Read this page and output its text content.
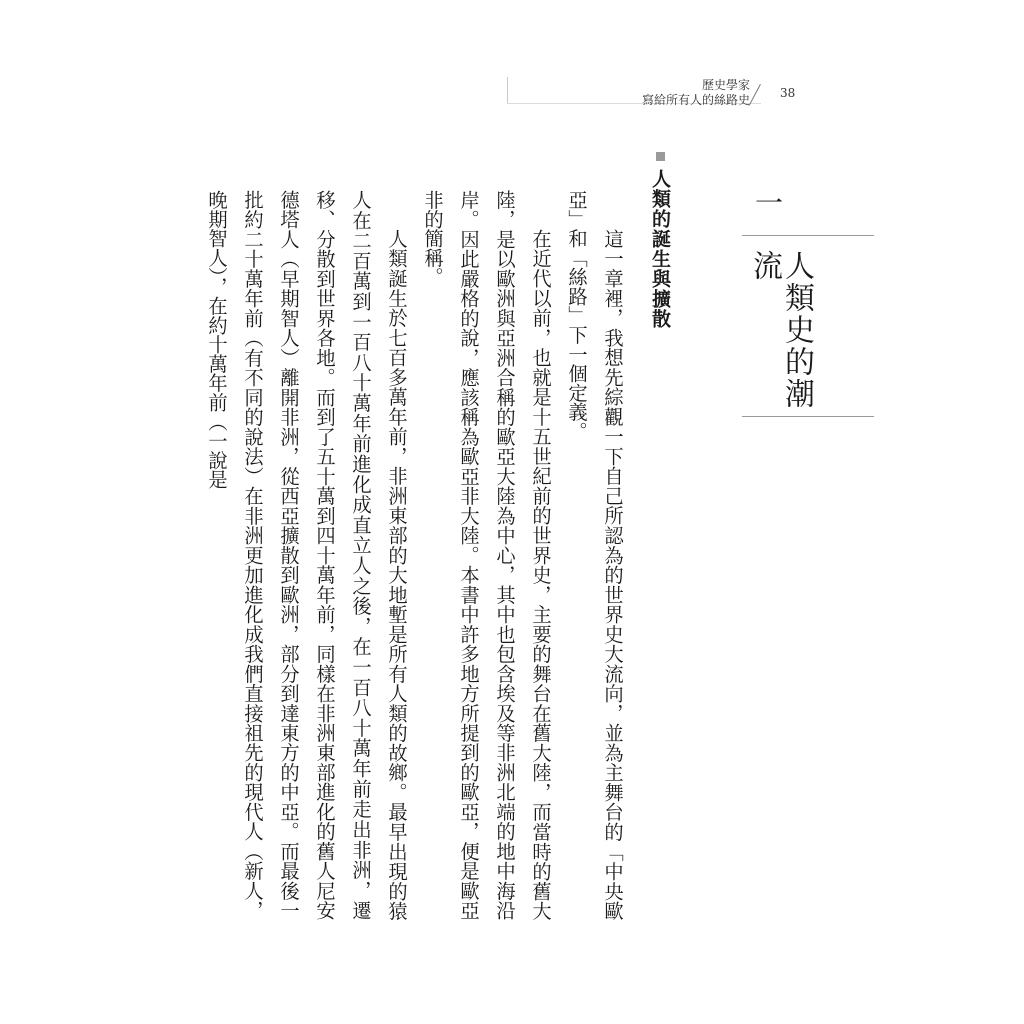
歷史學家
寫給所有人的絲路史	38
一
人類史的潮流
人類的誕生與擴散

這一章裡，我想先綜觀一下自己所認為的世界史大流向，並為主舞台的「中央歐亞」和「絲路」下一個定義。

在近代以前，也就是十五世紀前的世界史，主要的舞台在舊大陸，而當時的舊大陸，是以歐洲與亞洲合稱的歐亞大陸為中心，其中也包含埃及等非洲北端的地中海沿岸。因此嚴格的說，應該稱為歐亞非大陸。本書中許多地方所提到的歐亞，便是歐亞非的簡稱。

人類誕生於七百多萬年前，非洲東部的大地塹是所有人類的故鄉。最早出現的猿人在二百萬到一百八十萬年前進化成直立人之後，在一百八十萬年前走出非洲，遷移、分散到世界各地。而到了五十萬到四十萬年前，同樣在非洲東部進化的舊人尼安德塔人（早期智人）離開非洲，從西亞擴散到歐洲，部分到達東方的中亞。而最後一批約二十萬年前（有不同的說法）在非洲更加進化成我們直接祖先的現代人（新人，晚期智人），在約十萬年前（一說是
